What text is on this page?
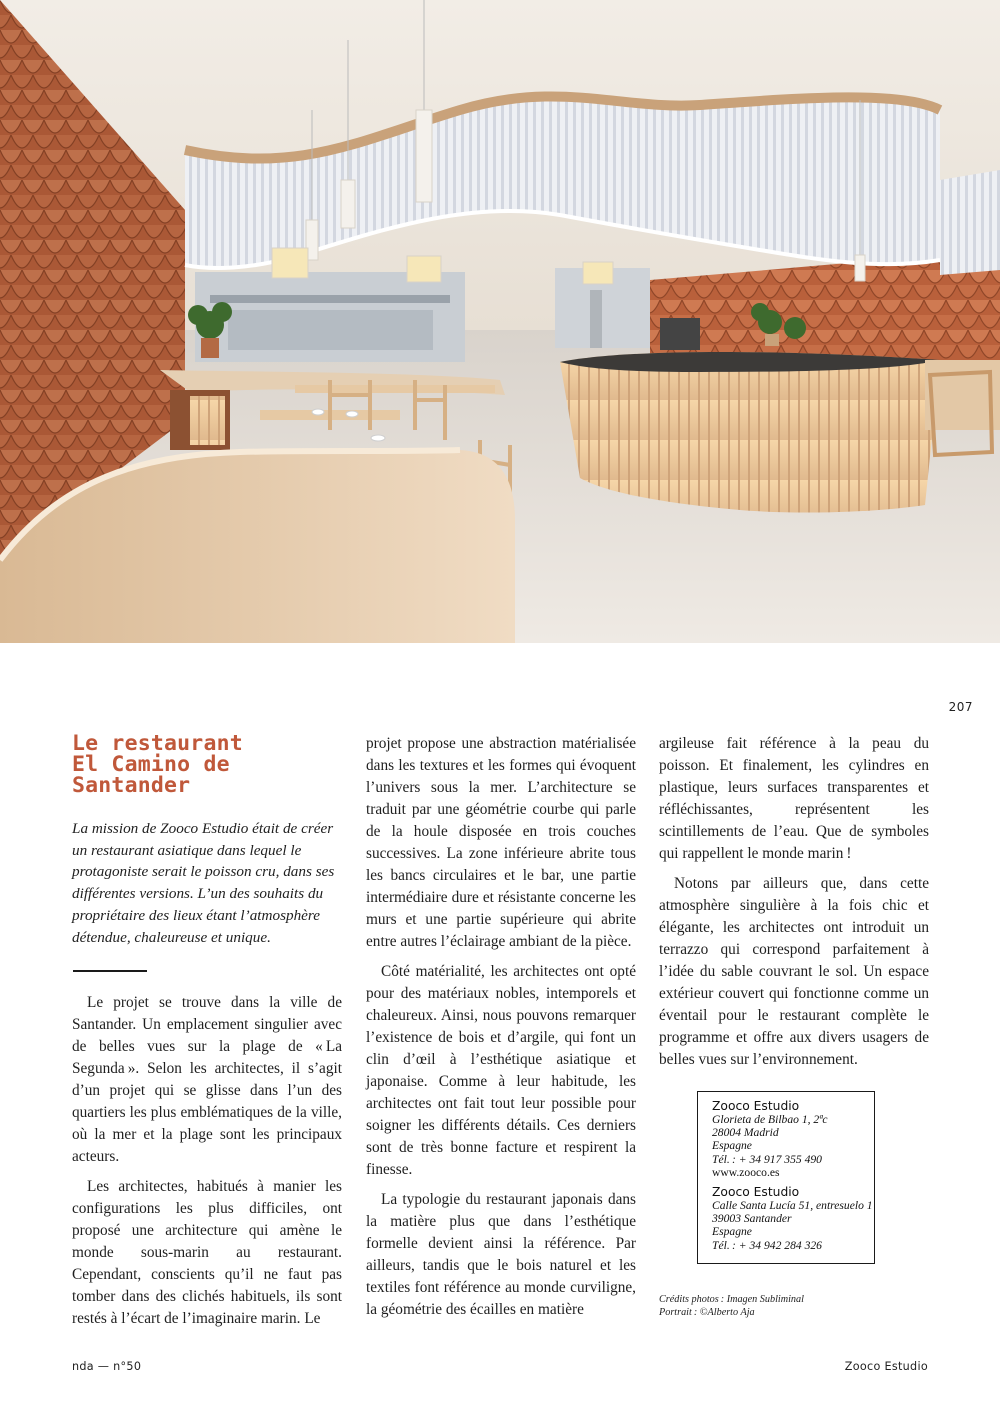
207
Le restaurant
El Camino de
Santander

La mission de Zooco Estudio était de créer un restaurant asiatique dans lequel le protagoniste serait le poisson cru, dans ses différentes versions. L’un des souhaits du propriétaire des lieux étant l’atmosphère détendue, chaleureuse et unique.

Le projet se trouve dans la ville de Santander. Un emplacement singulier avec de belles vues sur la plage de « La Segunda ». Selon les architectes, il s’agit d’un projet qui se glisse dans l’un des quartiers les plus emblématiques de la ville, où la mer et la plage sont les principaux acteurs.

Les architectes, habitués à manier les configurations les plus difficiles, ont proposé une architecture qui amène le monde sous-marin au restaurant. Cependant, conscients qu’il ne faut pas tomber dans des clichés habituels, ils sont restés à l’écart de l’imaginaire marin. Le

projet propose une abstraction matérialisée dans les textures et les formes qui évoquent l’univers sous la mer. L’architecture se traduit par une géométrie courbe qui parle de la houle disposée en trois couches successives. La zone inférieure abrite tous les bancs circulaires et le bar, une partie intermédiaire dure et résistante concerne les murs et une partie supérieure qui abrite entre autres l’éclairage ambiant de la pièce.

Côté matérialité, les architectes ont opté pour des matériaux nobles, intemporels et chaleureux. Ainsi, nous pouvons remarquer l’existence de bois et d’argile, qui font un clin d’œil à l’esthétique asiatique et japonaise. Comme à leur habitude, les architectes ont fait tout leur possible pour soigner les différents détails. Ces derniers sont de très bonne facture et respirent la finesse.

La typologie du restaurant japonais dans la matière plus que dans l’esthétique formelle devient ainsi la référence. Par ailleurs, tandis que le bois naturel et les textiles font référence au monde curviligne, la géométrie des écailles en matière

argileuse fait référence à la peau du poisson. Et finalement, les cylindres en plastique, leurs surfaces transparentes et réfléchissantes, représentent les scintillements de l’eau. Que de symboles qui rappellent le monde marin !

Notons par ailleurs que, dans cette atmosphère singulière à la fois chic et élégante, les architectes ont introduit un terrazzo qui correspond parfaitement à l’idée du sable couvrant le sol. Un espace extérieur couvert qui fonctionne comme un éventail pour le restaurant complète le programme et offre aux divers usagers de belles vues sur l’environnement.

Zooco Estudio

Glorieta de Bilbao 1, 2ªc

28004 Madrid

Espagne

Tél. : + 34 917 355 490

www.zooco.es

Zooco Estudio

Calle Santa Lucía 51, entresuelo 1

39003 Santander

Espagne

Tél. : + 34 942 284 326

Crédits photos : Imagen Subliminal

Portrait : ©Alberto Aja

nda — n°50	Zooco Estudio
